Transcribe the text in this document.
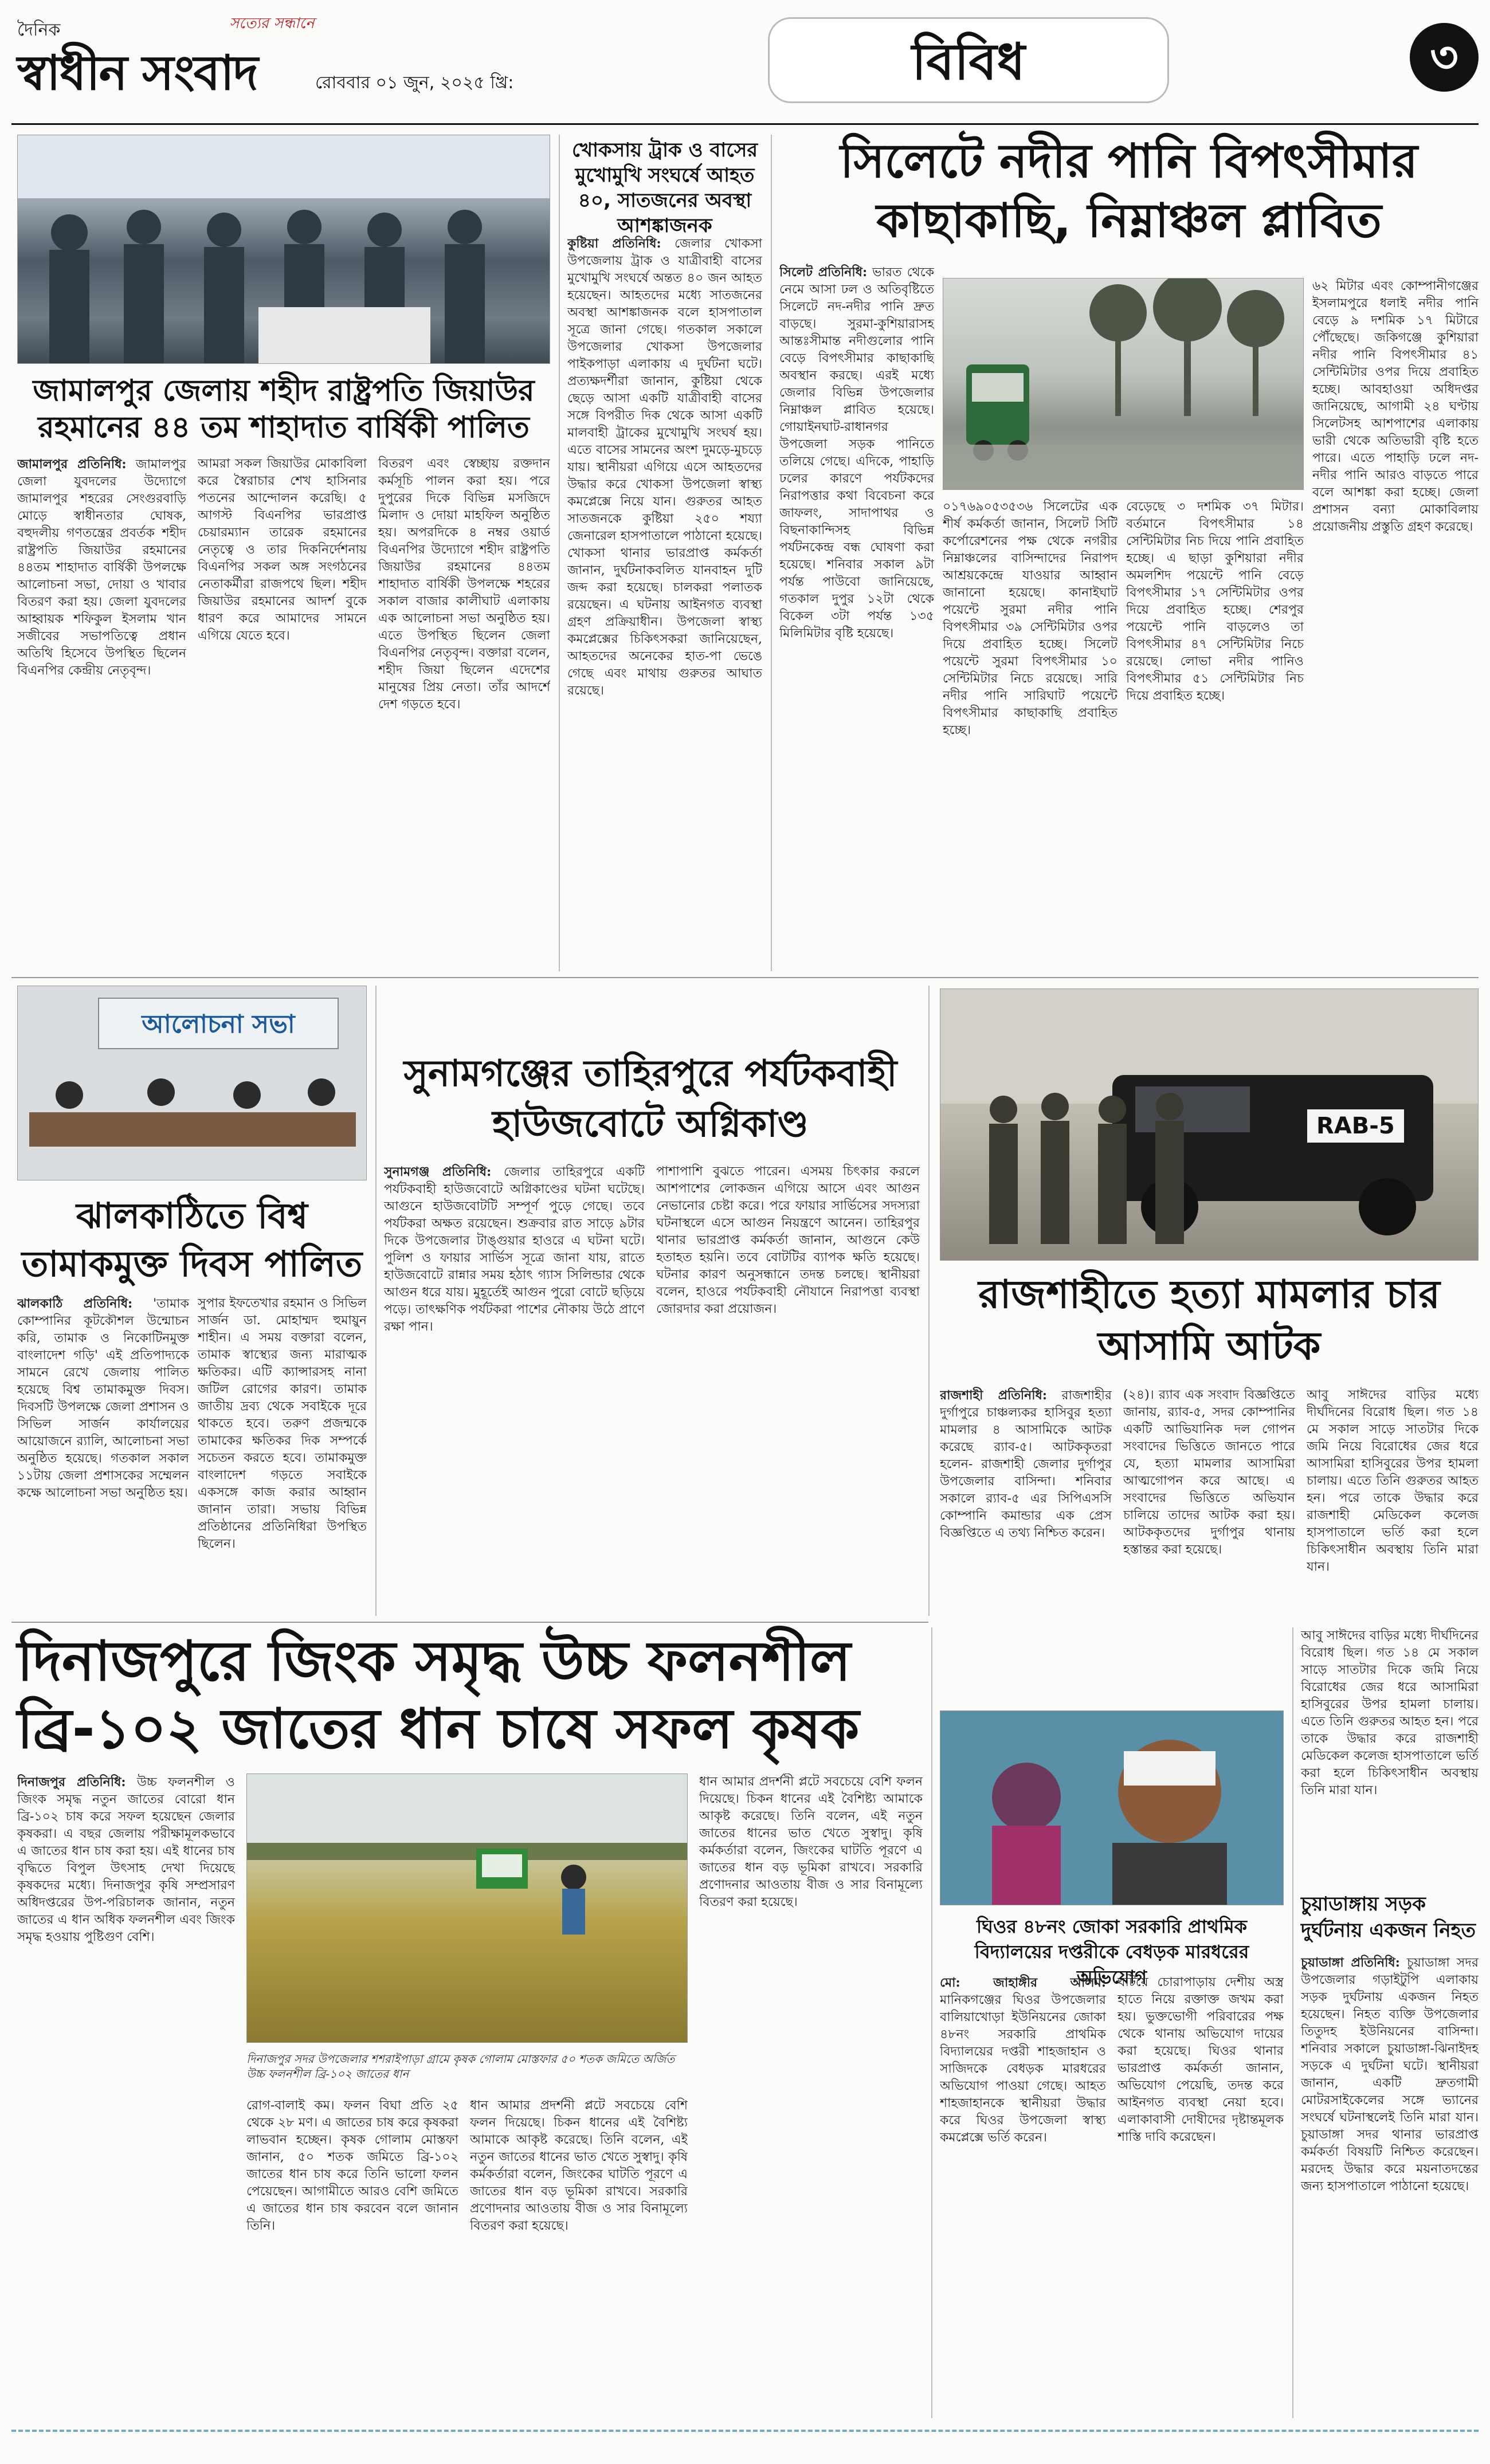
দৈনিক
স্বাধীন সংবাদ
সত্যের সন্ধানে
রোববার ০১ জুন, ২০২৫ খ্রি:	বিবিধ	৩
জামালপুর জেলায় শহীদ রাষ্ট্রপতি জিয়াউর রহমানের ৪৪ তম শাহাদাত বার্ষিকী পালিত
জামালপুর প্রতিনিধি: জামালপুর জেলা যুবদলের উদ্যোগে জামালপুর শহরের সেংগুরবাড়ি মোড়ে স্বাধীনতার ঘোষক, বহুদলীয় গণতন্ত্রের প্রবর্তক শহীদ রাষ্ট্রপতি জিয়াউর রহমানের ৪৪তম শাহাদাত বার্ষিকী উপলক্ষে আলোচনা সভা, দোয়া ও খাবার বিতরণ করা হয়। জেলা যুবদলের আহ্বায়ক শফিকুল ইসলাম খান সজীবের সভাপতিত্বে প্রধান অতিথি হিসেবে উপস্থিত ছিলেন বিএনপির কেন্দ্রীয় নেতৃবৃন্দ।
আমরা সকল জিয়াউর মোকাবিলা করে স্বৈরাচার শেখ হাসিনার পতনের আন্দোলন করেছি। ৫ আগস্ট বিএনপির ভারপ্রাপ্ত চেয়ারম্যান তারেক রহমানের নেতৃত্বে ও তার দিকনির্দেশনায় বিএনপির সকল অঙ্গ সংগঠনের নেতাকর্মীরা রাজপথে ছিল। শহীদ জিয়াউর রহমানের আদর্শ বুকে ধারণ করে আমাদের সামনে এগিয়ে যেতে হবে।
বিতরণ এবং স্বেচ্ছায় রক্তদান কর্মসূচি পালন করা হয়। পরে দুপুরের দিকে বিভিন্ন মসজিদে মিলাদ ও দোয়া মাহফিল অনুষ্ঠিত হয়। অপরদিকে ৪ নম্বর ওয়ার্ড বিএনপির উদ্যোগে শহীদ রাষ্ট্রপতি জিয়াউর রহমানের ৪৪তম শাহাদাত বার্ষিকী উপলক্ষে শহরের সকাল বাজার কালীঘাট এলাকায় এক আলোচনা সভা অনুষ্ঠিত হয়। এতে উপস্থিত ছিলেন জেলা বিএনপির নেতৃবৃন্দ। বক্তারা বলেন, শহীদ জিয়া ছিলেন এদেশের মানুষের প্রিয় নেতা। তাঁর আদর্শে দেশ গড়তে হবে।
খোকসায় ট্রাক ও বাসের মুখোমুখি সংঘর্ষে আহত ৪০, সাতজনের অবস্থা আশঙ্কাজনক
কুষ্টিয়া প্রতিনিধি: জেলার খোকসা উপজেলায় ট্রাক ও যাত্রীবাহী বাসের মুখোমুখি সংঘর্ষে অন্তত ৪০ জন আহত হয়েছেন। আহতদের মধ্যে সাতজনের অবস্থা আশঙ্কাজনক বলে হাসপাতাল সূত্রে জানা গেছে। গতকাল সকালে উপজেলার খোকসা উপজেলার পাইকপাড়া এলাকায় এ দুর্ঘটনা ঘটে। প্রত্যক্ষদর্শীরা জানান, কুষ্টিয়া থেকে ছেড়ে আসা একটি যাত্রীবাহী বাসের সঙ্গে বিপরীত দিক থেকে আসা একটি মালবাহী ট্রাকের মুখোমুখি সংঘর্ষ হয়। এতে বাসের সামনের অংশ দুমড়ে-মুচড়ে যায়। স্থানীয়রা এগিয়ে এসে আহতদের উদ্ধার করে খোকসা উপজেলা স্বাস্থ্য কমপ্লেক্সে নিয়ে যান। গুরুতর আহত সাতজনকে কুষ্টিয়া ২৫০ শয্যা জেনারেল হাসপাতালে পাঠানো হয়েছে। খোকসা থানার ভারপ্রাপ্ত কর্মকর্তা জানান, দুর্ঘটনাকবলিত যানবাহন দুটি জব্দ করা হয়েছে। চালকরা পলাতক রয়েছেন। এ ঘটনায় আইনগত ব্যবস্থা গ্রহণ প্রক্রিয়াধীন। উপজেলা স্বাস্থ্য কমপ্লেক্সের চিকিৎসকরা জানিয়েছেন, আহতদের অনেকের হাত-পা ভেঙে গেছে এবং মাথায় গুরুতর আঘাত রয়েছে।
সিলেটে নদীর পানি বিপৎসীমার কাছাকাছি, নিম্নাঞ্চল প্লাবিত
সিলেট প্রতিনিধি: ভারত থেকে নেমে আসা ঢল ও অতিবৃষ্টিতে সিলেটে নদ-নদীর পানি দ্রুত বাড়ছে। সুরমা-কুশিয়ারাসহ আন্তঃসীমান্ত নদীগুলোর পানি বেড়ে বিপৎসীমার কাছাকাছি অবস্থান করছে। এরই মধ্যে জেলার বিভিন্ন উপজেলার নিম্নাঞ্চল প্লাবিত হয়েছে। গোয়াইনঘাট-রাধানগর উপজেলা সড়ক পানিতে তলিয়ে গেছে। এদিকে, পাহাড়ি ঢলের কারণে পর্যটকদের নিরাপত্তার কথা বিবেচনা করে জাফলং, সাদাপাথর ও বিছনাকান্দিসহ বিভিন্ন পর্যটনকেন্দ্র বন্ধ ঘোষণা করা হয়েছে। শনিবার সকাল ৯টা পর্যন্ত পাউবো জানিয়েছে, গতকাল দুপুর ১২টা থেকে বিকেল ৩টা পর্যন্ত ১৩৫ মিলিমিটার বৃষ্টি হয়েছে।
০১৭৬৯০৫৩৫৩৬ সিলেটের এক শীর্ষ কর্মকর্তা জানান, সিলেট সিটি কর্পোরেশনের পক্ষ থেকে নগরীর নিম্নাঞ্চলের বাসিন্দাদের নিরাপদ আশ্রয়কেন্দ্রে যাওয়ার আহ্বান জানানো হয়েছে। কানাইঘাট পয়েন্টে সুরমা নদীর পানি বিপৎসীমার ৩৯ সেন্টিমিটার ওপর দিয়ে প্রবাহিত হচ্ছে। সিলেট পয়েন্টে সুরমা বিপৎসীমার ১০ সেন্টিমিটার নিচে রয়েছে। সারি নদীর পানি সারিঘাট পয়েন্টে বিপৎসীমার কাছাকাছি প্রবাহিত হচ্ছে।
বেড়েছে ৩ দশমিক ৩৭ মিটার। বর্তমানে বিপৎসীমার ১৪ সেন্টিমিটার নিচ দিয়ে পানি প্রবাহিত হচ্ছে। এ ছাড়া কুশিয়ারা নদীর অমলশিদ পয়েন্টে পানি বেড়ে বিপৎসীমার ১৭ সেন্টিমিটার ওপর দিয়ে প্রবাহিত হচ্ছে। শেরপুর পয়েন্টে পানি বাড়লেও তা বিপৎসীমার ৪৭ সেন্টিমিটার নিচে রয়েছে। লোভা নদীর পানিও বিপৎসীমার ৫১ সেন্টিমিটার নিচ দিয়ে প্রবাহিত হচ্ছে।
৬২ মিটার এবং কোম্পানীগঞ্জের ইসলামপুরে ধলাই নদীর পানি বেড়ে ৯ দশমিক ১৭ মিটারে পৌঁছেছে। জকিগঞ্জে কুশিয়ারা নদীর পানি বিপৎসীমার ৪১ সেন্টিমিটার ওপর দিয়ে প্রবাহিত হচ্ছে। আবহাওয়া অধিদপ্তর জানিয়েছে, আগামী ২৪ ঘণ্টায় সিলেটসহ আশপাশের এলাকায় ভারী থেকে অতিভারী বৃষ্টি হতে পারে। এতে পাহাড়ি ঢলে নদ-নদীর পানি আরও বাড়তে পারে বলে আশঙ্কা করা হচ্ছে। জেলা প্রশাসন বন্যা মোকাবিলায় প্রয়োজনীয় প্রস্তুতি গ্রহণ করেছে।
আলোচনা সভা
ঝালকাঠিতে বিশ্ব তামাকমুক্ত দিবস পালিত
ঝালকাঠি প্রতিনিধি: 'তামাক কোম্পানির কূটকৌশল উন্মোচন করি, তামাক ও নিকোটিনমুক্ত বাংলাদেশ গড়ি' এই প্রতিপাদ্যকে সামনে রেখে জেলায় পালিত হয়েছে বিশ্ব তামাকমুক্ত দিবস। দিবসটি উপলক্ষে জেলা প্রশাসন ও সিভিল সার্জন কার্যালয়ের আয়োজনে র‍্যালি, আলোচনা সভা অনুষ্ঠিত হয়েছে। গতকাল সকাল ১১টায় জেলা প্রশাসকের সম্মেলন কক্ষে আলোচনা সভা অনুষ্ঠিত হয়।
সুপার ইফতেখার রহমান ও সিভিল সার্জন ডা. মোহাম্মদ হুমায়ুন শাহীন। এ সময় বক্তারা বলেন, তামাক স্বাস্থ্যের জন্য মারাত্মক ক্ষতিকর। এটি ক্যান্সারসহ নানা জটিল রোগের কারণ। তামাক জাতীয় দ্রব্য থেকে সবাইকে দূরে থাকতে হবে। তরুণ প্রজন্মকে তামাকের ক্ষতিকর দিক সম্পর্কে সচেতন করতে হবে। তামাকমুক্ত বাংলাদেশ গড়তে সবাইকে একসঙ্গে কাজ করার আহ্বান জানান তারা। সভায় বিভিন্ন প্রতিষ্ঠানের প্রতিনিধিরা উপস্থিত ছিলেন।
সুনামগঞ্জের তাহিরপুরে পর্যটকবাহী হাউজবোটে অগ্নিকাণ্ড
সুনামগঞ্জ প্রতিনিধি: জেলার তাহিরপুরে একটি পর্যটকবাহী হাউজবোটে অগ্নিকাণ্ডের ঘটনা ঘটেছে। আগুনে হাউজবোটটি সম্পূর্ণ পুড়ে গেছে। তবে পর্যটকরা অক্ষত রয়েছেন। শুক্রবার রাত সাড়ে ৯টার দিকে উপজেলার টাঙ্গুয়ার হাওরে এ ঘটনা ঘটে। পুলিশ ও ফায়ার সার্ভিস সূত্রে জানা যায়, রাতে হাউজবোটে রান্নার সময় হঠাৎ গ্যাস সিলিন্ডার থেকে আগুন ধরে যায়। মুহূর্তেই আগুন পুরো বোটে ছড়িয়ে পড়ে। তাৎক্ষণিক পর্যটকরা পাশের নৌকায় উঠে প্রাণে রক্ষা পান।
পাশাপাশি বুঝতে পারেন। এসময় চিৎকার করলে আশপাশের লোকজন এগিয়ে আসে এবং আগুন নেভানোর চেষ্টা করে। পরে ফায়ার সার্ভিসের সদস্যরা ঘটনাস্থলে এসে আগুন নিয়ন্ত্রণে আনেন। তাহিরপুর থানার ভারপ্রাপ্ত কর্মকর্তা জানান, আগুনে কেউ হতাহত হয়নি। তবে বোটটির ব্যাপক ক্ষতি হয়েছে। ঘটনার কারণ অনুসন্ধানে তদন্ত চলছে। স্থানীয়রা বলেন, হাওরে পর্যটকবাহী নৌযানে নিরাপত্তা ব্যবস্থা জোরদার করা প্রয়োজন।
RAB-5
রাজশাহীতে হত্যা মামলার চার আসামি আটক
রাজশাহী প্রতিনিধি: রাজশাহীর দুর্গাপুরে চাঞ্চল্যকর হাসিবুর হত্যা মামলার ৪ আসামিকে আটক করেছে র‍্যাব-৫। আটককৃতরা হলেন- রাজশাহী জেলার দুর্গাপুর উপজেলার বাসিন্দা। শনিবার সকালে র‍্যাব-৫ এর সিপিএসসি কোম্পানি কমান্ডার এক প্রেস বিজ্ঞপ্তিতে এ তথ্য নিশ্চিত করেন।
(২৪)। র‍্যাব এক সংবাদ বিজ্ঞপ্তিতে জানায়, র‍্যাব-৫, সদর কোম্পানির একটি আভিযানিক দল গোপন সংবাদের ভিত্তিতে জানতে পারে যে, হত্যা মামলার আসামিরা আত্মগোপন করে আছে। এ সংবাদের ভিত্তিতে অভিযান চালিয়ে তাদের আটক করা হয়। আটককৃতদের দুর্গাপুর থানায় হস্তান্তর করা হয়েছে।
আবু সাঈদের বাড়ির মধ্যে দীর্ঘদিনের বিরোধ ছিল। গত ১৪ মে সকাল সাড়ে সাতটার দিকে জমি নিয়ে বিরোধের জের ধরে আসামিরা হাসিবুরের উপর হামলা চালায়। এতে তিনি গুরুতর আহত হন। পরে তাকে উদ্ধার করে রাজশাহী মেডিকেল কলেজ হাসপাতালে ভর্তি করা হলে চিকিৎসাধীন অবস্থায় তিনি মারা যান।
দিনাজপুরে জিংক সমৃদ্ধ উচ্চ ফলনশীল ব্রি-১০২ জাতের ধান চাষে সফল কৃষক
দিনাজপুর প্রতিনিধি: উচ্চ ফলনশীল ও জিংক সমৃদ্ধ নতুন জাতের বোরো ধান ব্রি-১০২ চাষ করে সফল হয়েছেন জেলার কৃষকরা। এ বছর জেলায় পরীক্ষামূলকভাবে এ জাতের ধান চাষ করা হয়। এই ধানের চাষ বৃদ্ধিতে বিপুল উৎসাহ দেখা দিয়েছে কৃষকদের মধ্যে। দিনাজপুর কৃষি সম্প্রসারণ অধিদপ্তরের উপ-পরিচালক জানান, নতুন জাতের এ ধান অধিক ফলনশীল এবং জিংক সমৃদ্ধ হওয়ায় পুষ্টিগুণ বেশি।
দিনাজপুর সদর উপজেলার শশরাইপাড়া গ্রামে কৃষক গোলাম মোস্তফার ৫০ শতক জমিতে অর্জিত উচ্চ ফলনশীল ব্রি-১০২ জাতের ধান
রোগ-বালাই কম। ফলন বিঘা প্রতি ২৫ থেকে ২৮ মণ। এ জাতের চাষ করে কৃষকরা লাভবান হচ্ছেন। কৃষক গোলাম মোস্তফা জানান, ৫০ শতক জমিতে ব্রি-১০২ জাতের ধান চাষ করে তিনি ভালো ফলন পেয়েছেন। আগামীতে আরও বেশি জমিতে এ জাতের ধান চাষ করবেন বলে জানান তিনি।
ধান আমার প্রদর্শনী প্লটে সবচেয়ে বেশি ফলন দিয়েছে। চিকন ধানের এই বৈশিষ্ট্য আমাকে আকৃষ্ট করেছে। তিনি বলেন, এই নতুন জাতের ধানের ভাত খেতে সুস্বাদু। কৃষি কর্মকর্তারা বলেন, জিংকের ঘাটতি পূরণে এ জাতের ধান বড় ভূমিকা রাখবে। সরকারি প্রণোদনার আওতায় বীজ ও সার বিনামূল্যে বিতরণ করা হয়েছে।
ধান আমার প্রদর্শনী প্লটে সবচেয়ে বেশি ফলন দিয়েছে। চিকন ধানের এই বৈশিষ্ট্য আমাকে আকৃষ্ট করেছে। তিনি বলেন, এই নতুন জাতের ধানের ভাত খেতে সুস্বাদু। কৃষি কর্মকর্তারা বলেন, জিংকের ঘাটতি পূরণে এ জাতের ধান বড় ভূমিকা রাখবে। সরকারি প্রণোদনার আওতায় বীজ ও সার বিনামূল্যে বিতরণ করা হয়েছে।
ঘিওর ৪৮নং জোকা সরকারি প্রাথমিক বিদ্যালয়ের দপ্তরীকে বেধড়ক মারধরের অভিযোগ
মো: জাহাঙ্গীর আলম: মানিকগঞ্জের ঘিওর উপজেলার বালিয়াখোড়া ইউনিয়নের জোকা ৪৮নং সরকারি প্রাথমিক বিদ্যালয়ের দপ্তরী শাহজাহান ও সাজিদকে বেধড়ক মারধরের অভিযোগ পাওয়া গেছে। আহত শাহজাহানকে স্থানীয়রা উদ্ধার করে ঘিওর উপজেলা স্বাস্থ্য কমপ্লেক্সে ভর্তি করেন।
ঘটিয়ে চোরাপাড়ায় দেশীয় অস্ত্র হাতে নিয়ে রক্তাক্ত জখম করা হয়। ভুক্তভোগী পরিবারের পক্ষ থেকে থানায় অভিযোগ দায়ের করা হয়েছে। ঘিওর থানার ভারপ্রাপ্ত কর্মকর্তা জানান, অভিযোগ পেয়েছি, তদন্ত করে আইনগত ব্যবস্থা নেয়া হবে। এলাকাবাসী দোষীদের দৃষ্টান্তমূলক শাস্তি দাবি করেছেন।
আবু সাঈদের বাড়ির মধ্যে দীর্ঘদিনের বিরোধ ছিল। গত ১৪ মে সকাল সাড়ে সাতটার দিকে জমি নিয়ে বিরোধের জের ধরে আসামিরা হাসিবুরের উপর হামলা চালায়। এতে তিনি গুরুতর আহত হন। পরে তাকে উদ্ধার করে রাজশাহী মেডিকেল কলেজ হাসপাতালে ভর্তি করা হলে চিকিৎসাধীন অবস্থায় তিনি মারা যান।
চুয়াডাঙ্গায় সড়ক
দুর্ঘটনায় একজন নিহত
চুয়াডাঙ্গা প্রতিনিধি: চুয়াডাঙ্গা সদর উপজেলার গড়াইটুপি এলাকায় সড়ক দুর্ঘটনায় একজন নিহত হয়েছেন। নিহত ব্যক্তি উপজেলার তিতুদহ ইউনিয়নের বাসিন্দা। শনিবার সকালে চুয়াডাঙ্গা-ঝিনাইদহ সড়কে এ দুর্ঘটনা ঘটে। স্থানীয়রা জানান, একটি দ্রুতগামী মোটরসাইকেলের সঙ্গে ভ্যানের সংঘর্ষে ঘটনাস্থলেই তিনি মারা যান। চুয়াডাঙ্গা সদর থানার ভারপ্রাপ্ত কর্মকর্তা বিষয়টি নিশ্চিত করেছেন। মরদেহ উদ্ধার করে ময়নাতদন্তের জন্য হাসপাতালে পাঠানো হয়েছে।
